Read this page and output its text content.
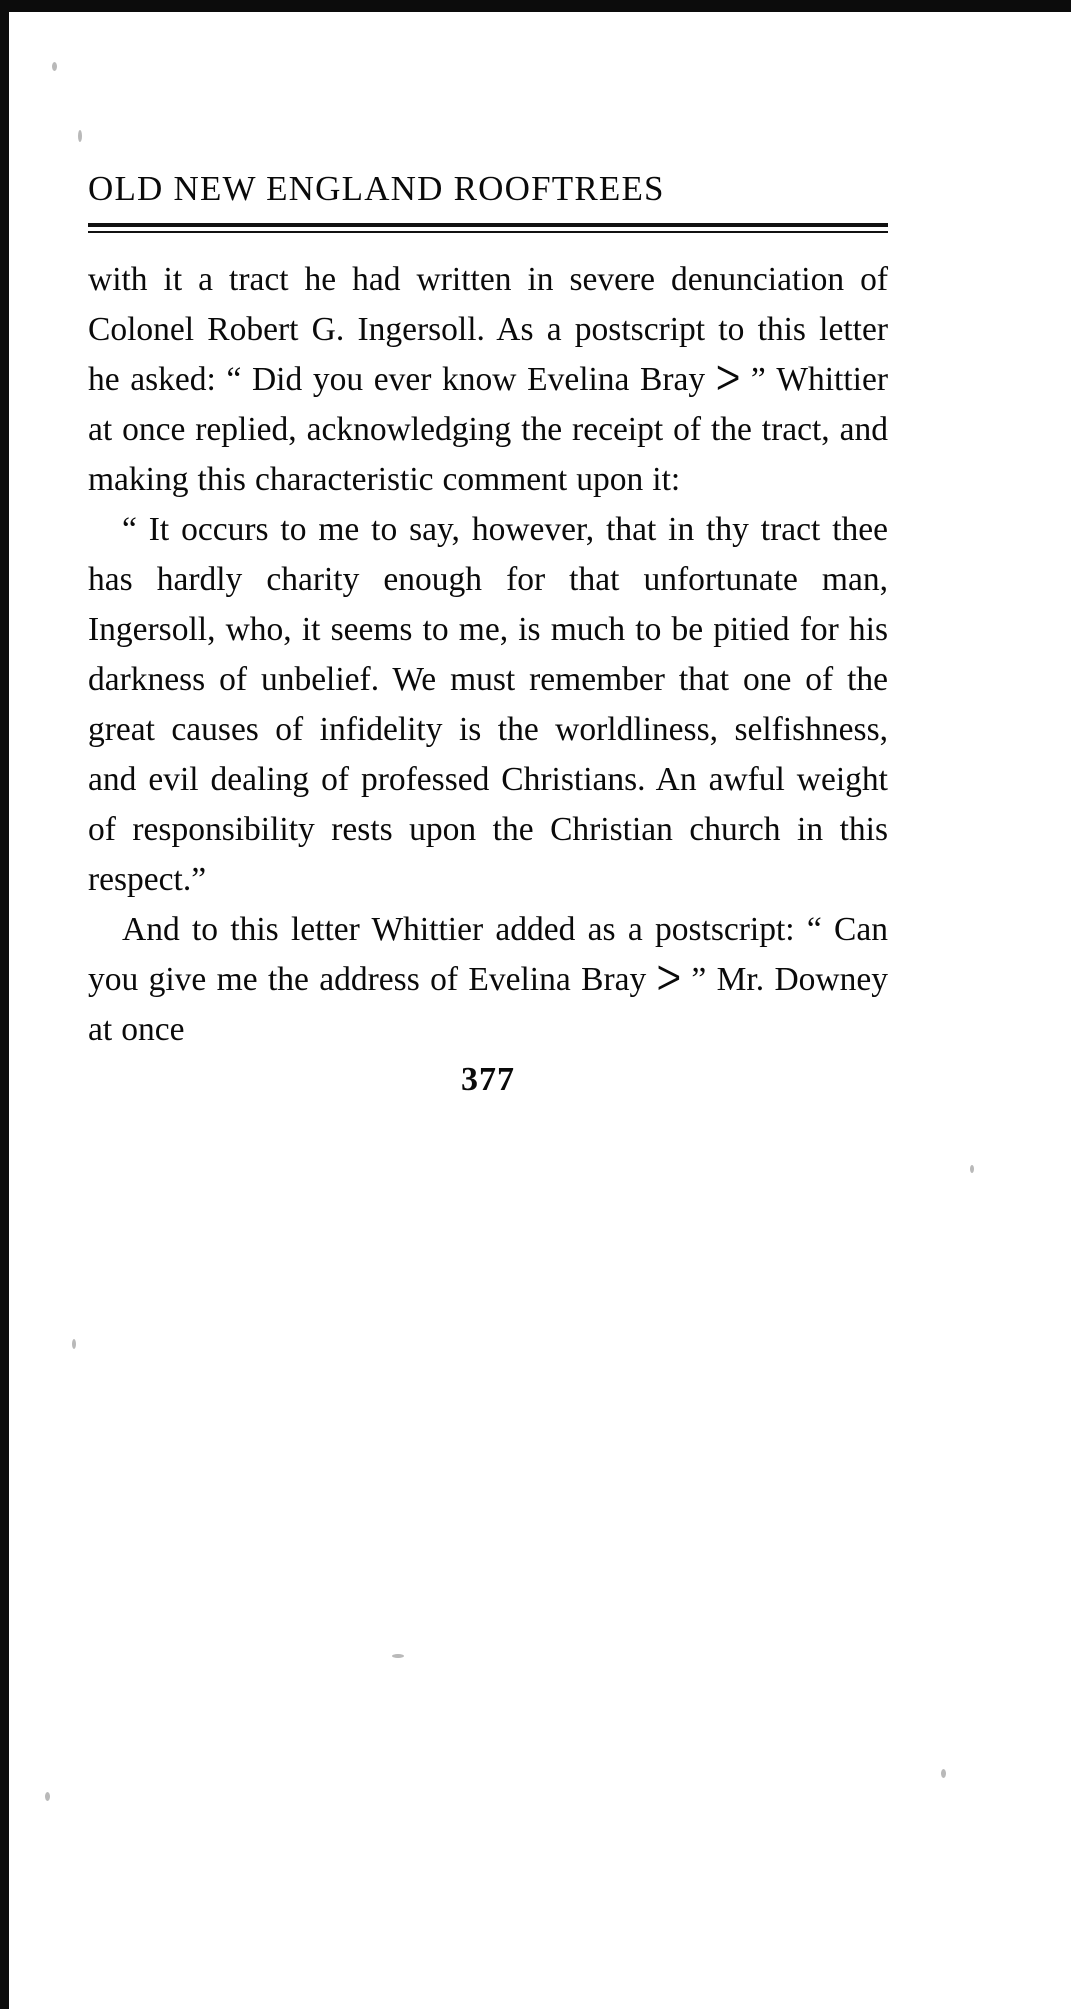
OLD NEW ENGLAND ROOFTREES

with it a tract he had written in severe denunciation of Colonel Robert G. Ingersoll. As a postscript to this letter he asked: “ Did you ever know Evelina Bray ᐳ ” Whittier at once replied, acknowledging the receipt of the tract, and making this characteristic comment upon it:

“ It occurs to me to say, however, that in thy tract thee has hardly charity enough for that unfortunate man, Ingersoll, who, it seems to me, is much to be pitied for his darkness of unbelief. We must remember that one of the great causes of infidelity is the worldliness, selfishness, and evil dealing of professed Christians. An awful weight of responsibility rests upon the Christian church in this respect.”

And to this letter Whittier added as a postscript: “ Can you give me the address of Evelina Bray ᐳ ” Mr. Downey at once

377
